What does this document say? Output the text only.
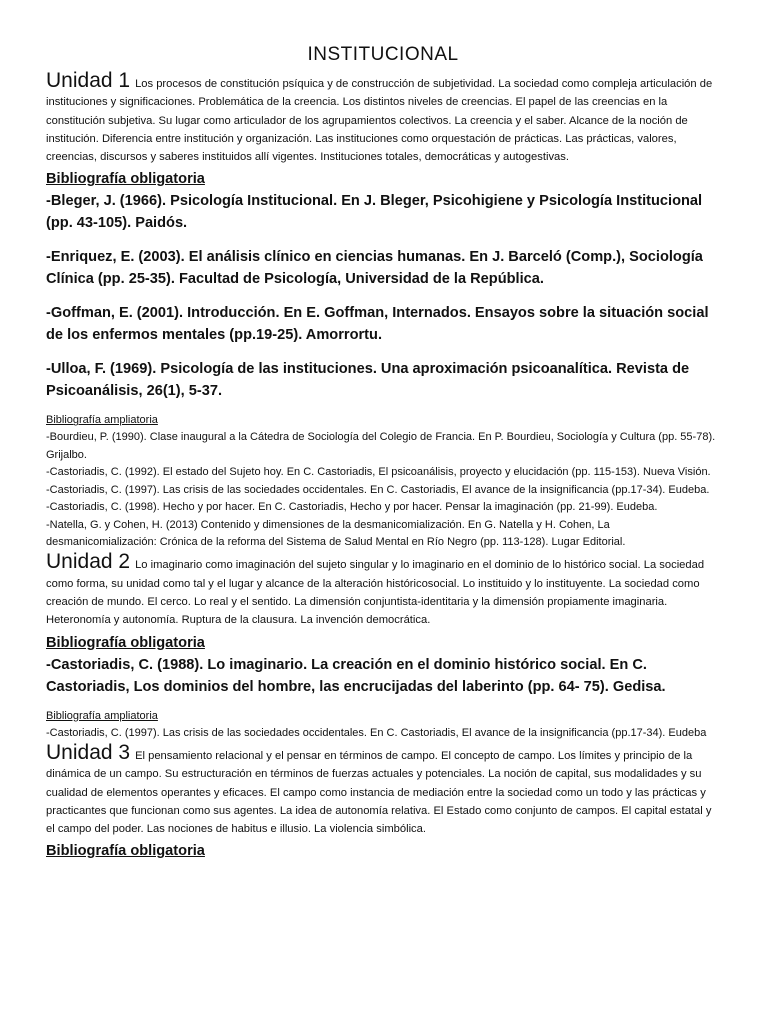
INSTITUCIONAL

Unidad 1 Los procesos de constitución psíquica y de construcción de subjetividad. La sociedad como compleja articulación de instituciones y significaciones. Problemática de la creencia. Los distintos niveles de creencias. El papel de las creencias en la constitución subjetiva. Su lugar como articulador de los agrupamientos colectivos. La creencia y el saber. Alcance de la noción de institución. Diferencia entre institución y organización. Las instituciones como orquestación de prácticas. Las prácticas, valores, creencias, discursos y saberes instituidos allí vigentes. Instituciones totales, democráticas y autogestivas.

Bibliografía obligatoria
-Bleger, J. (1966). Psicología Institucional. En J. Bleger, Psicohigiene y Psicología Institucional (pp. 43-105). Paidós.
-Enriquez, E. (2003). El análisis clínico en ciencias humanas. En J. Barceló (Comp.), Sociología Clínica (pp. 25-35). Facultad de Psicología, Universidad de la República.
-Goffman, E. (2001). Introducción. En E. Goffman, Internados. Ensayos sobre la situación social de los enfermos mentales (pp.19-25). Amorrortu.
-Ulloa, F. (1969). Psicología de las instituciones. Una aproximación psicoanalítica. Revista de Psicoanálisis, 26(1), 5-37.
Bibliografía ampliatoria
-Bourdieu, P. (1990). Clase inaugural a la Cátedra de Sociología del Colegio de Francia. En P. Bourdieu, Sociología y Cultura (pp. 55-78). Grijalbo.
-Castoriadis, C. (1992). El estado del Sujeto hoy. En C. Castoriadis, El psicoanálisis, proyecto y elucidación (pp. 115-153). Nueva Visión.
-Castoriadis, C. (1997). Las crisis de las sociedades occidentales. En C. Castoriadis, El avance de la insignificancia (pp.17-34). Eudeba.
-Castoriadis, C. (1998). Hecho y por hacer. En C. Castoriadis, Hecho y por hacer. Pensar la imaginación (pp. 21-99). Eudeba.
-Natella, G. y Cohen, H. (2013) Contenido y dimensiones de la desmanicomialización. En G. Natella y H. Cohen, La desmanicomialización: Crónica de la reforma del Sistema de Salud Mental en Río Negro (pp. 113-128). Lugar Editorial.

Unidad 2 Lo imaginario como imaginación del sujeto singular y lo imaginario en el dominio de lo histórico social. La sociedad como forma, su unidad como tal y el lugar y alcance de la alteración históricosocial. Lo instituido y lo instituyente. La sociedad como creación de mundo. El cerco. Lo real y el sentido. La dimensión conjuntista-identitaria y la dimensión propiamente imaginaria. Heteronomía y autonomía. Ruptura de la clausura. La invención democrática.

Bibliografía obligatoria
-Castoriadis, C. (1988). Lo imaginario. La creación en el dominio histórico social. En C. Castoriadis, Los dominios del hombre, las encrucijadas del laberinto (pp. 64- 75). Gedisa.
Bibliografía ampliatoria
-Castoriadis, C. (1997). Las crisis de las sociedades occidentales. En C. Castoriadis, El avance de la insignificancia (pp.17-34). Eudeba

Unidad 3 El pensamiento relacional y el pensar en términos de campo. El concepto de campo. Los límites y principio de la dinámica de un campo. Su estructuración en términos de fuerzas actuales y potenciales. La noción de capital, sus modalidades y su cualidad de elementos operantes y eficaces. El campo como instancia de mediación entre la sociedad como un todo y las prácticas y practicantes que funcionan como sus agentes. La idea de autonomía relativa. El Estado como conjunto de campos. El capital estatal y el campo del poder. Las nociones de habitus e illusio. La violencia simbólica.

Bibliografía obligatoria
